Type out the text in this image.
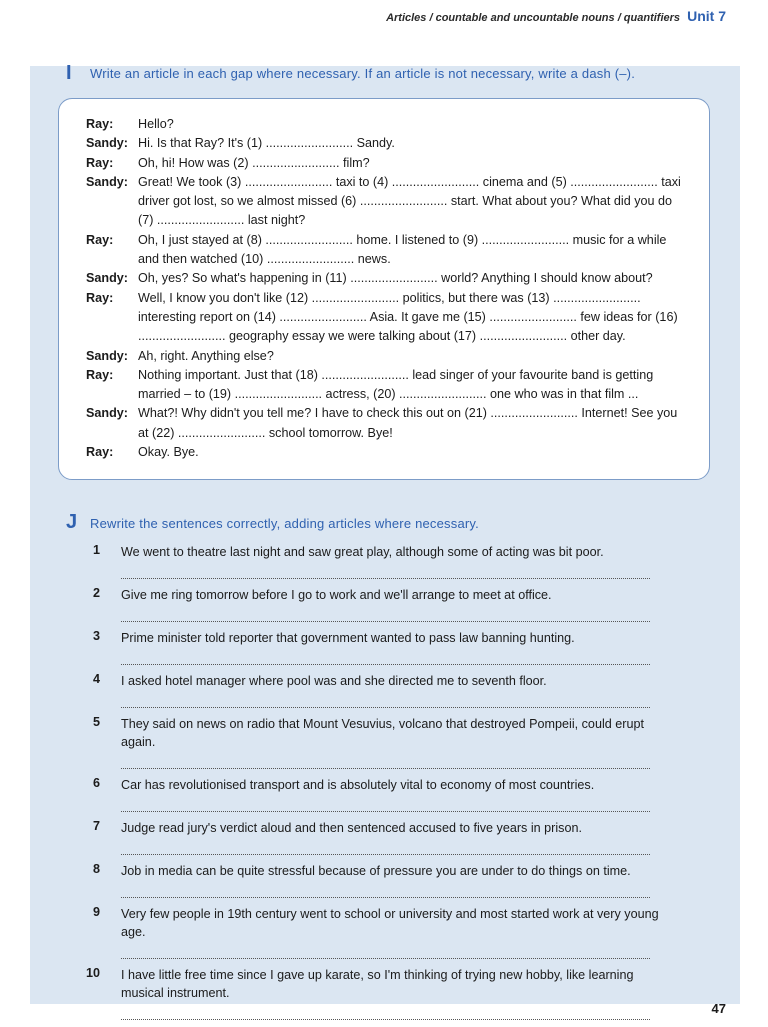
Articles / countable and uncountable nouns / quantifiers Unit 7
I Write an article in each gap where necessary. If an article is not necessary, write a dash (–).
Ray:	Hello?
Sandy: Hi. Is that Ray? It's (1) ......................... Sandy.
Ray:	Oh, hi! How was (2) ......................... film?
Sandy: Great! We took (3) ......................... taxi to (4) ......................... cinema and (5) ......................... taxi driver got lost, so we almost missed (6) ......................... start. What about you? What did you do (7) ......................... last night?
Ray:	Oh, I just stayed at (8) ......................... home. I listened to (9) ......................... music for a while and then watched (10) ......................... news.
Sandy: Oh, yes? So what's happening in (11) ......................... world? Anything I should know about?
Ray:	Well, I know you don't like (12) ......................... politics, but there was (13) ......................... interesting report on (14) ......................... Asia. It gave me (15) ......................... few ideas for (16) ......................... geography essay we were talking about (17) ......................... other day.
Sandy: Ah, right. Anything else?
Ray:	Nothing important. Just that (18) ......................... lead singer of your favourite band is getting married – to (19) ......................... actress, (20) ......................... one who was in that film ...
Sandy: What?! Why didn't you tell me? I have to check this out on (21) ......................... Internet! See you at (22) ......................... school tomorrow. Bye!
Ray:	Okay. Bye.
J Rewrite the sentences correctly, adding articles where necessary.
1 We went to theatre last night and saw great play, although some of acting was bit poor.
2 Give me ring tomorrow before I go to work and we'll arrange to meet at office.
3 Prime minister told reporter that government wanted to pass law banning hunting.
4 I asked hotel manager where pool was and she directed me to seventh floor.
5 They said on news on radio that Mount Vesuvius, volcano that destroyed Pompeii, could erupt again.
6 Car has revolutionised transport and is absolutely vital to economy of most countries.
7 Judge read jury's verdict aloud and then sentenced accused to five years in prison.
8 Job in media can be quite stressful because of pressure you are under to do things on time.
9 Very few people in 19th century went to school or university and most started work at very young age.
10 I have little free time since I gave up karate, so I'm thinking of trying new hobby, like learning musical instrument.
47
